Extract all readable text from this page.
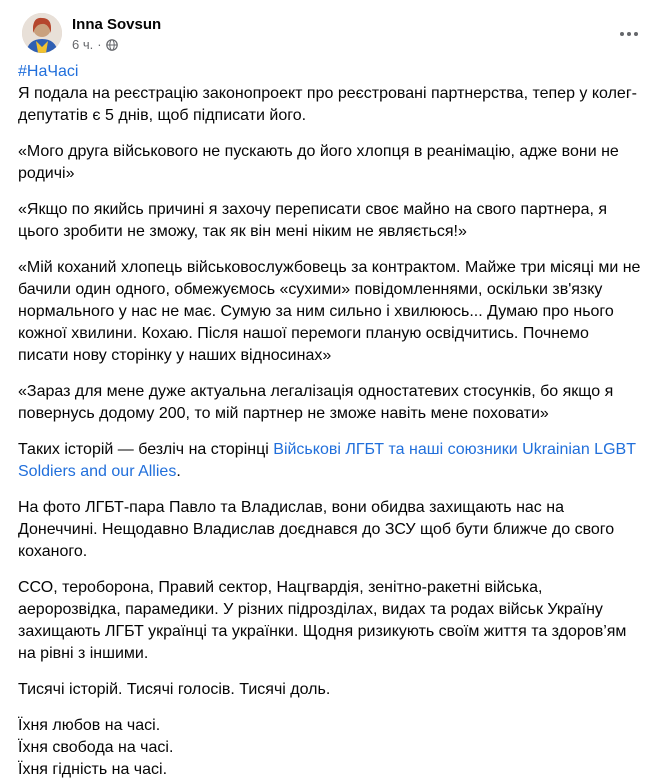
Inna Sovsun
6 ч. ·

#НаЧасі

Я подала на реєстрацію законопроект про реєстровані партнерства, тепер у колег-депутатів є 5 днів, щоб підписати його.

«Мого друга військового не пускають до його хлопця в реанімацію, адже вони не родичі»

«Якщо по якийсь причині я захочу переписати своє майно на свого партнера, я цього зробити не зможу, так як він мені ніким не являється!»

«Мій коханий хлопець військовослужбовець за контрактом. Майже три місяці ми не бачили один одного, обмежуємось «сухими» повідомленнями, оскільки зв'язку нормального у нас не має. Сумую за ним сильно і хвилююсь... Думаю про нього кожної хвилини. Кохаю. Після нашої перемоги планую освідчитись. Почнемо писати нову сторінку у наших відносинах»

«Зараз для мене дуже актуальна легалізація одностатевих стосунків, бо якщо я повернусь додому 200, то мій партнер не зможе навіть мене поховати»

Таких історій — безліч на сторінці Військові ЛГБТ та наші союзники Ukrainian LGBT Soldiers and our Allies.

На фото ЛГБТ-пара Павло та Владислав, вони обидва захищають нас на Донеччині. Нещодавно Владислав доєднався до ЗСУ щоб бути ближче до свого коханого.

ССО, тероборона, Правий сектор, Нацгвардія, зенітно-ракетні війська, аеророзвідка, парамедики. У різних підрозділах, видах та родах військ Україну захищають ЛГБТ українці та українки. Щодня ризикують своїм життя та здоров’ям на рівні з іншими.

Тисячі історій. Тисячі голосів. Тисячі доль.

Їхня любов на часі.

Їхня свобода на часі.

Їхня гідність на часі.
